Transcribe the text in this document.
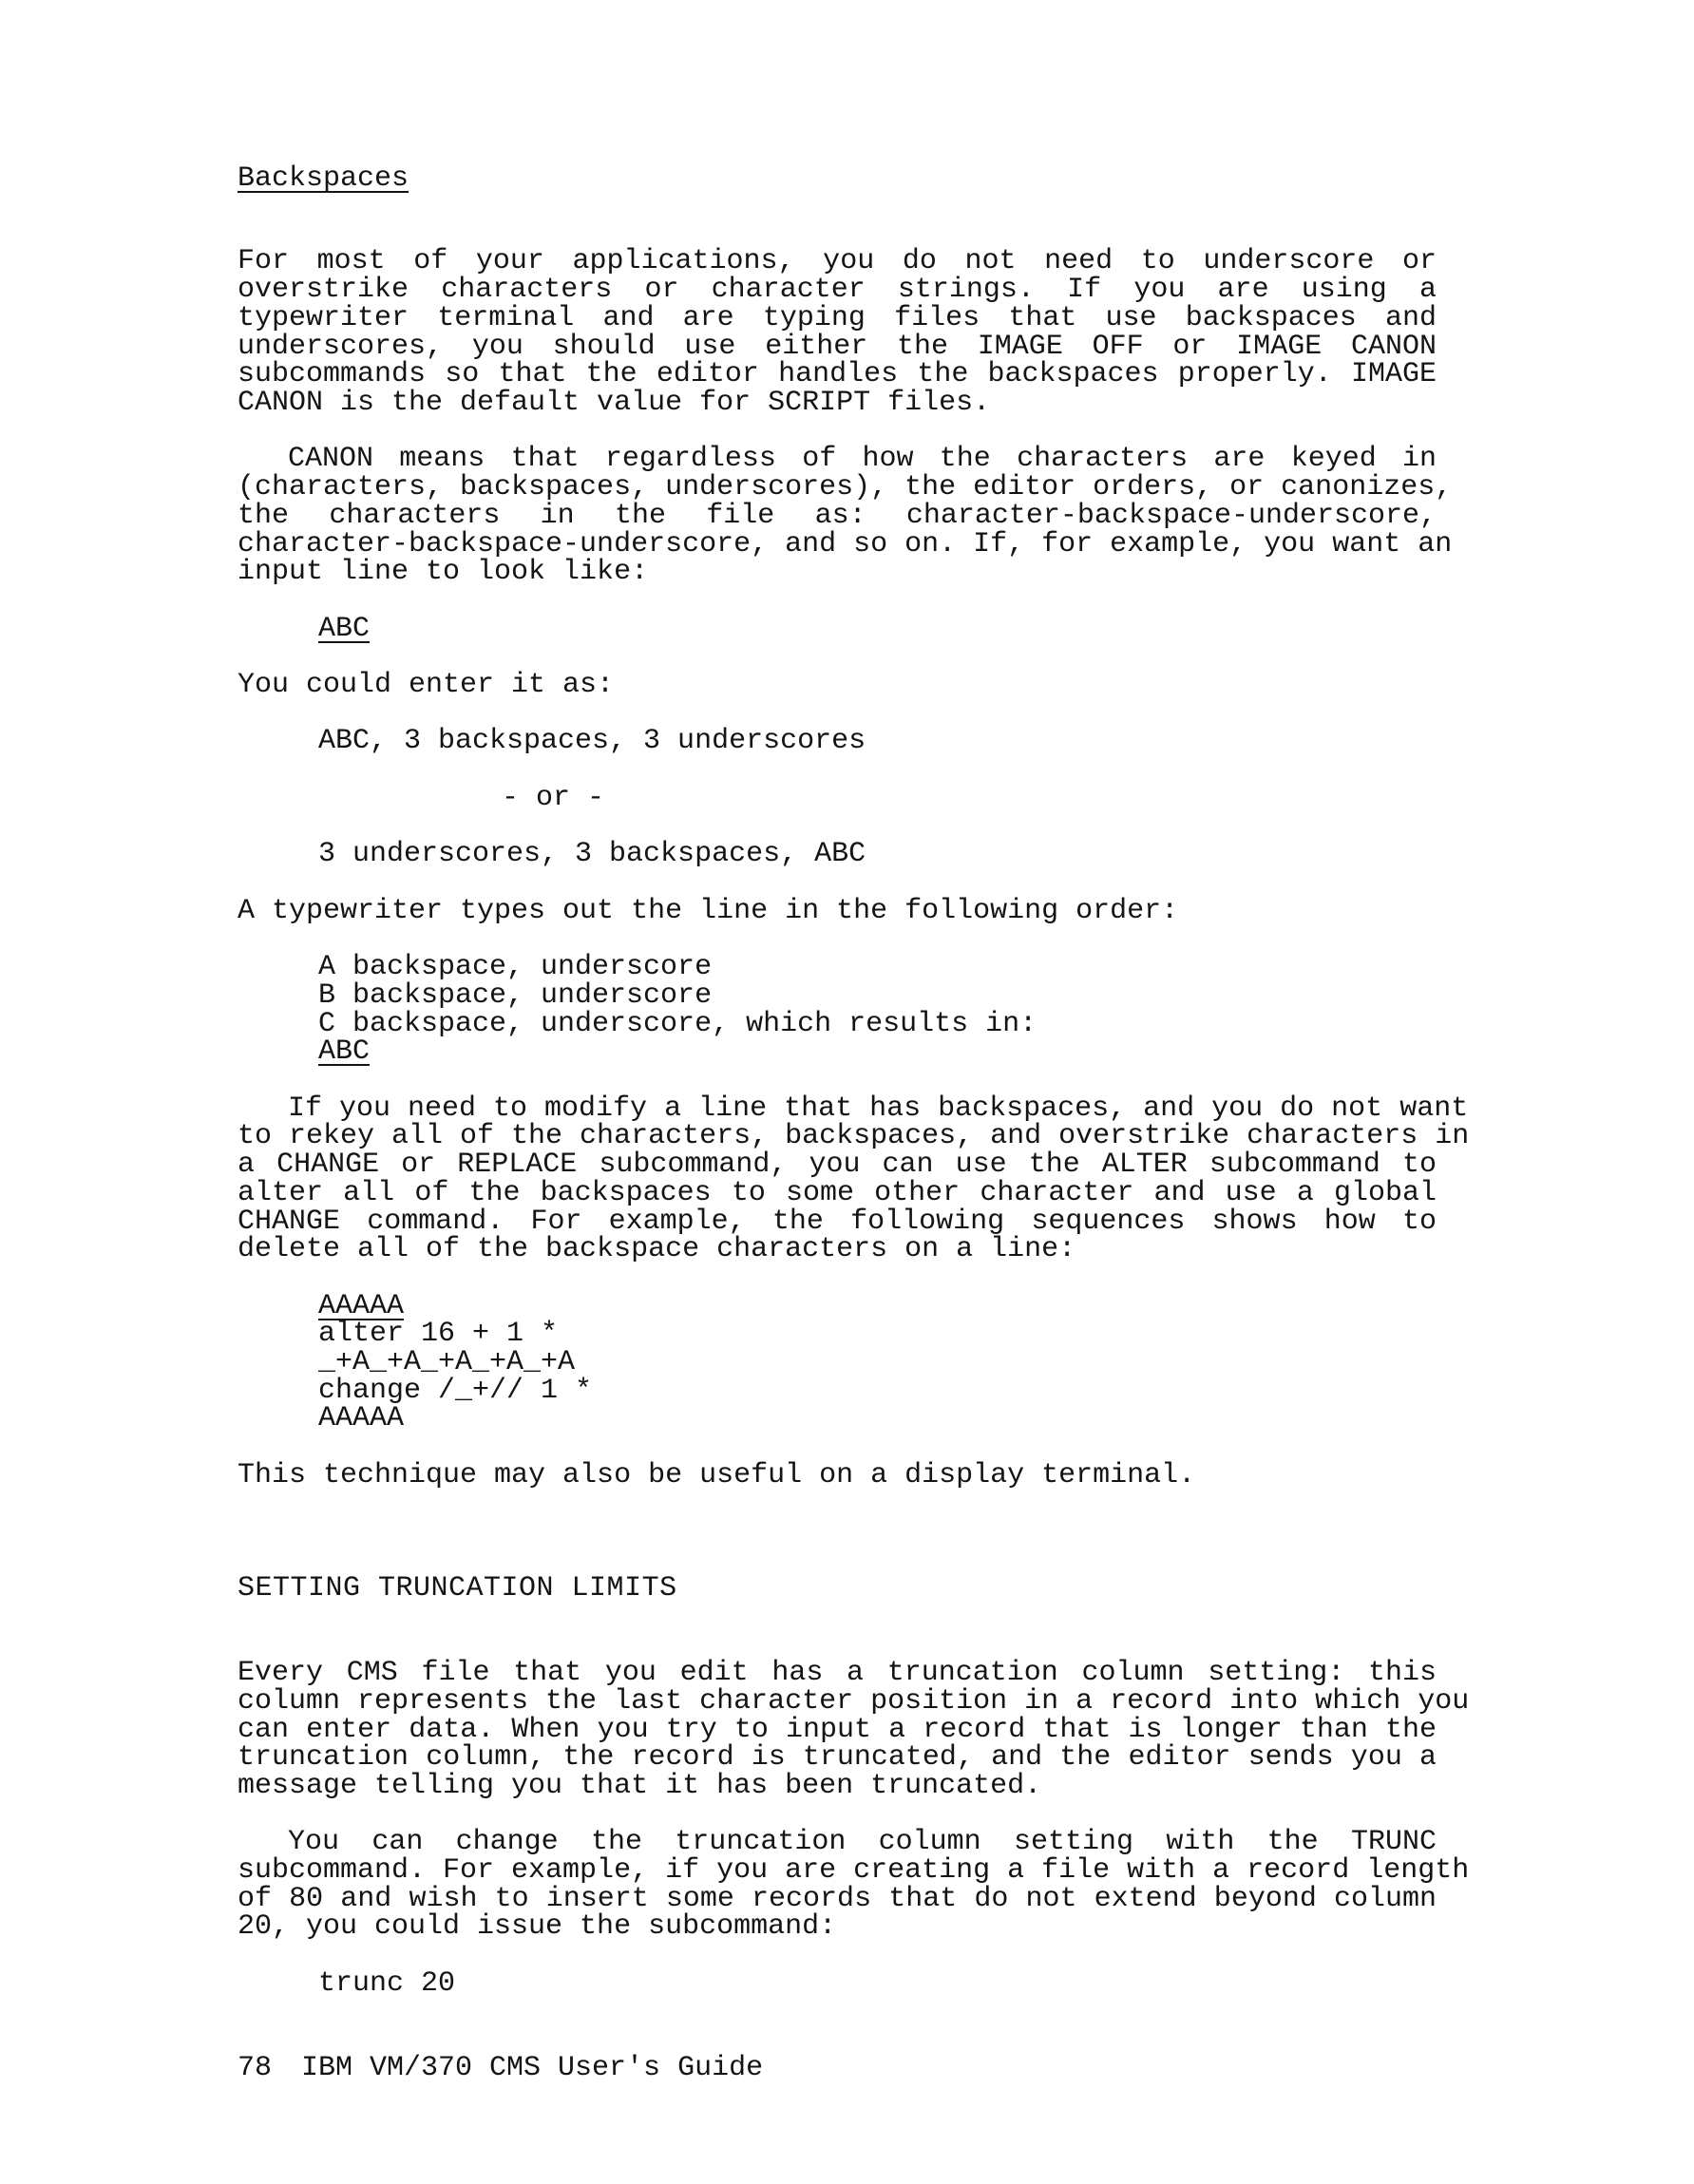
Backspaces
For most of your applications, you do not need to underscore or
overstrike characters or character strings. If you are using a
typewriter terminal and are typing files that use backspaces and
underscores, you should use either the IMAGE OFF or IMAGE CANON
subcommands so that the editor handles the backspaces properly. IMAGE
CANON is the default value for SCRIPT files.
CANON means that regardless of how the characters are keyed in
(characters, backspaces, underscores), the editor orders, or canonizes,
the characters in the file as: character-backspace-underscore,
character-backspace-underscore, and so on. If, for example, you want an
input line to look like:
ABC
You could enter it as:
ABC, 3 backspaces, 3 underscores
- or -
3 underscores, 3 backspaces, ABC
A typewriter types out the line in the following order:
A backspace, underscore
B backspace, underscore
C backspace, underscore, which results in:
ABC
If you need to modify a line that has backspaces, and you do not want
to rekey all of the characters, backspaces, and overstrike characters in
a CHANGE or REPLACE subcommand, you can use the ALTER subcommand to
alter all of the backspaces to some other character and use a global
CHANGE command. For example, the following sequences shows how to
delete all of the backspace characters on a line:
AAAAA
alter 16 + 1 *
_+A_+A_+A_+A_+A
change /_+// 1 *
AAAAA
This technique may also be useful on a display terminal.
SETTING TRUNCATION LIMITS
Every CMS file that you edit has a truncation column setting: this
column represents the last character position in a record into which you
can enter data. When you try to input a record that is longer than the
truncation column, the record is truncated, and the editor sends you a
message telling you that it has been truncated.
You can change the truncation column setting with the TRUNC
subcommand. For example, if you are creating a file with a record length
of 80 and wish to insert some records that do not extend beyond column
20, you could issue the subcommand:
trunc 20
78 IBM VM/370 CMS User's Guide
